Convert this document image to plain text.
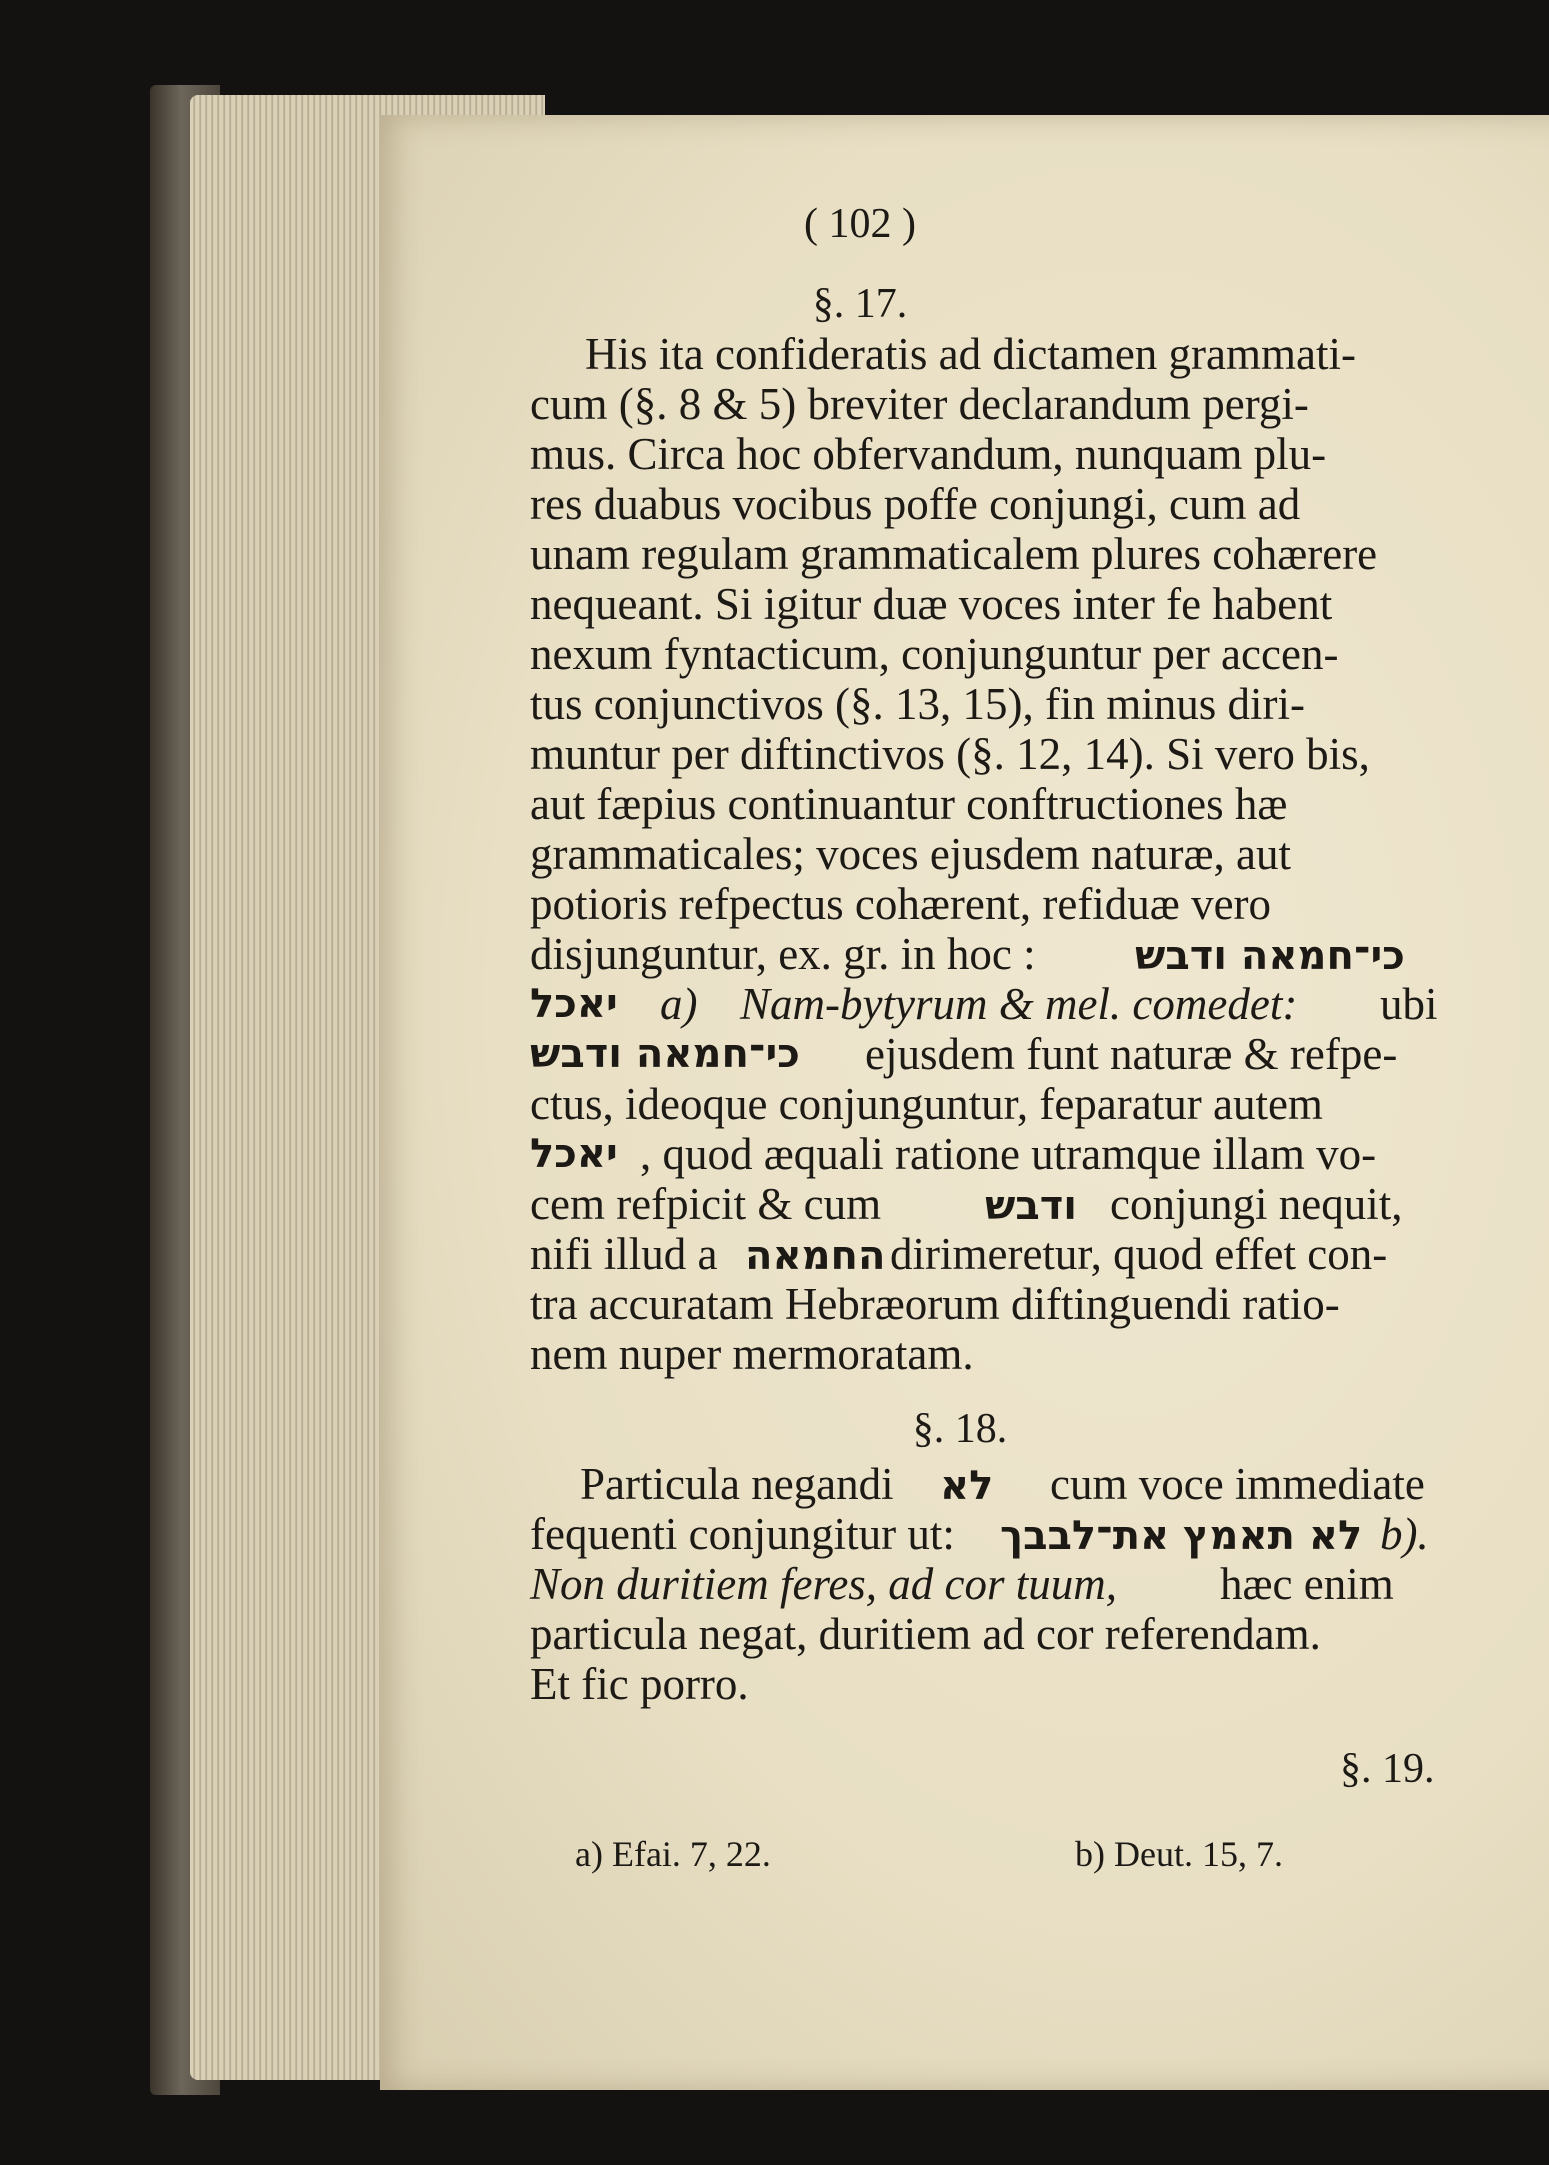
( 102 )
§. 17.
His ita confideratis ad dictamen grammati-
cum (§. 8 & 5) breviter declarandum pergi-
mus. Circa hoc obfervandum, nunquam plu-
res duabus vocibus poffe conjungi, cum ad
unam regulam grammaticalem plures cohærere
nequeant. Si igitur duæ voces inter fe habent
nexum fyntacticum, conjunguntur per accen-
tus conjunctivos (§. 13, 15), fin minus diri-
muntur per diftinctivos (§. 12, 14). Si vero bis,
aut fæpius continuantur conftructiones hæ
grammaticales; voces ejusdem naturæ, aut
potioris refpectus cohærent, refiduæ vero
disjunguntur, ex. gr. in hoc : כי־חמאה ודבש
יאכל a) Nam-bytyrum & mel. comedet: ubi
כי־חמאה ודבש ejusdem funt naturæ & refpe-
ctus, ideoque conjunguntur, feparatur autem
יאכל , quod æquali ratione utramque illam vo-
cem refpicit & cum	ודבש conjungi nequit,
nifi illud a החמאה dirimeretur, quod effet con-
tra accuratam Hebræorum diftinguendi ratio-
nem nuper mermoratam.
§. 18.
Particula negandi לא cum voce immediate
fequenti conjungitur ut: לא תאמץ את־לבבך b).
Non duritiem feres, ad cor tuum, hæc enim
particula negat, duritiem ad cor referendam.
Et fic porro.
§. 19.
a) Efai. 7, 22.	b) Deut. 15, 7.
